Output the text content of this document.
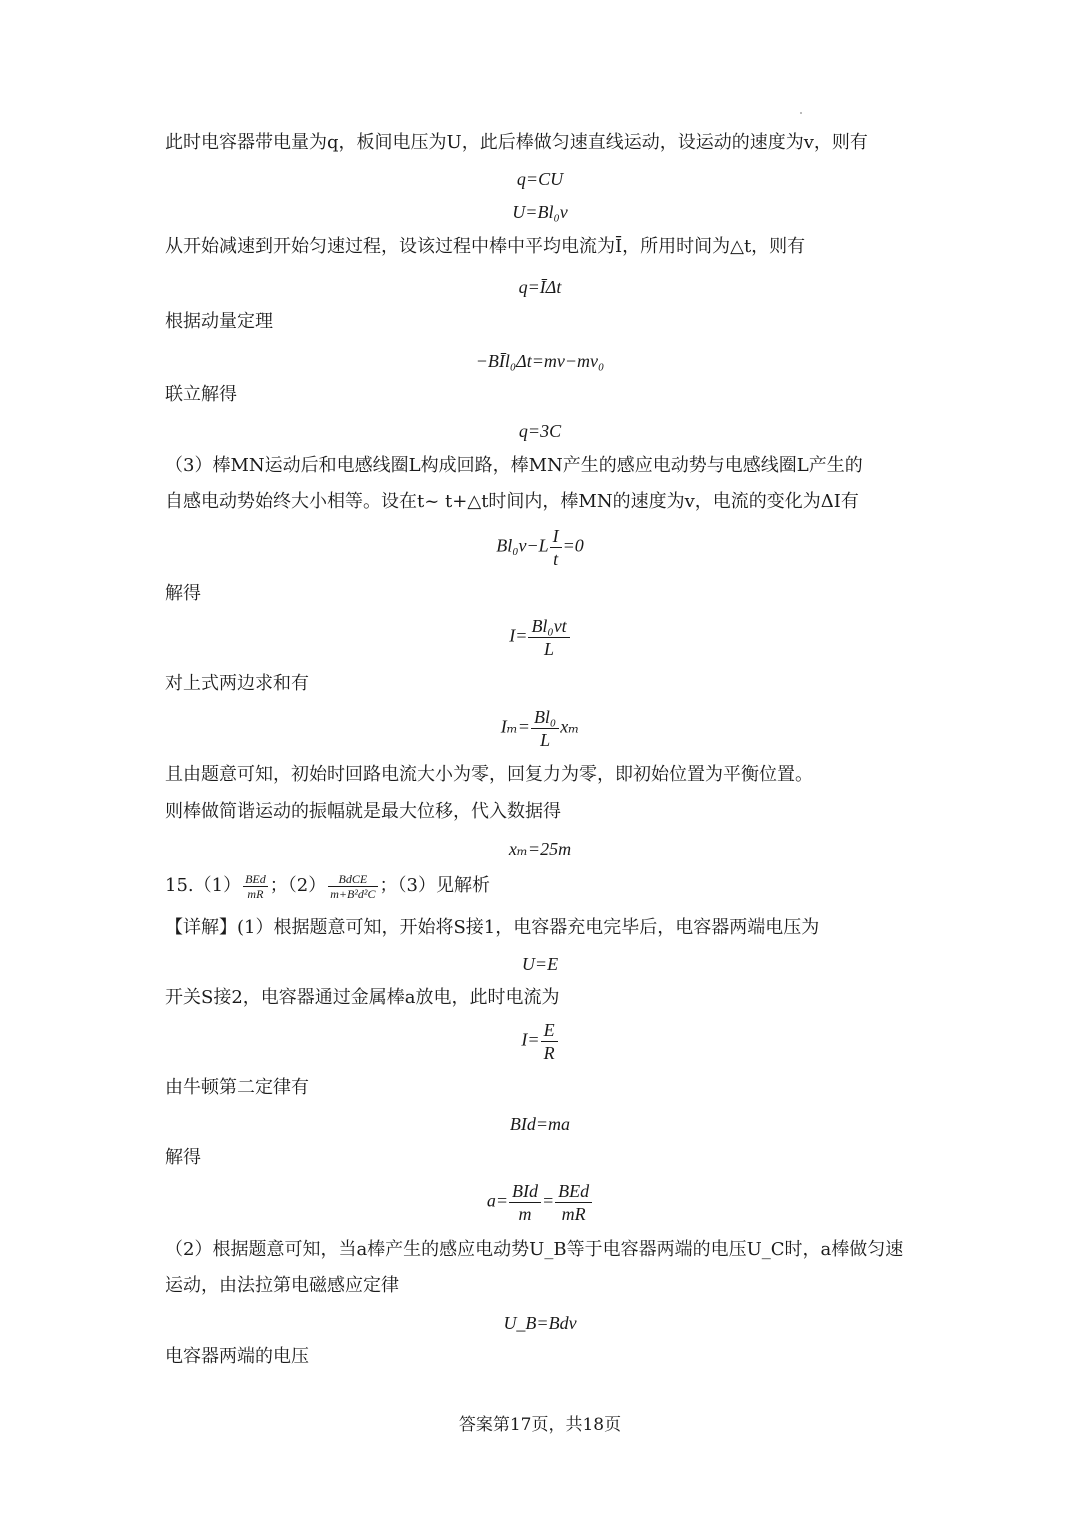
此时电容器带电量为q，板间电压为U，此后棒做匀速直线运动，设运动的速度为v，则有
q=CU
U=Bl₀v
从开始减速到开始匀速过程，设该过程中棒中平均电流为Ī，所用时间为△t，则有
q=ĪΔt
根据动量定理
−BĪl₀Δt=mv−mv₀
联立解得
q=3C
（3）棒MN运动后和电感线圈L构成回路，棒MN产生的感应电动势与电感线圈L产生的
自感电动势始终大小相等。设在t~ t+△t时间内，棒MN的速度为v，电流的变化为ΔI有
$Bl_0v-L \frac{I}{t} =0$
解得
$I= \frac{\text{Bl₀vt}}{L}$
对上式两边求和有
$I_m= \frac{\text{Bl₀}}{L}$ xₘ
且由题意可知，初始时回路电流大小为零，回复力为零，即初始位置为平衡位置。
则棒做简谐运动的振幅就是最大位移，代入数据得
xₘ=25m
$15.(1) \frac{\text{BEd}}{mR}$ ；$(2) \frac{\text{BdCE}}{\text{m+B²d²C}}$ ；（3）见解析
【详解】(1）根据题意可知，开始将S接1，电容器充电完毕后，电容器两端电压为
U=E
开关S接2，电容器通过金属棒a放电，此时电流为
$I= \frac{E}{R}$
由牛顿第二定律有
BId=ma
解得
$a= \frac{\text{BId}}{m} = \frac{\text{BEd}}{mR}$
（2）根据题意可知，当a棒产生的感应电动势U_B等于电容器两端的电压U_C时，a棒做匀速
运动，由法拉第电磁感应定律
U_B=Bdv
电容器两端的电压
答案第17页，共18页
